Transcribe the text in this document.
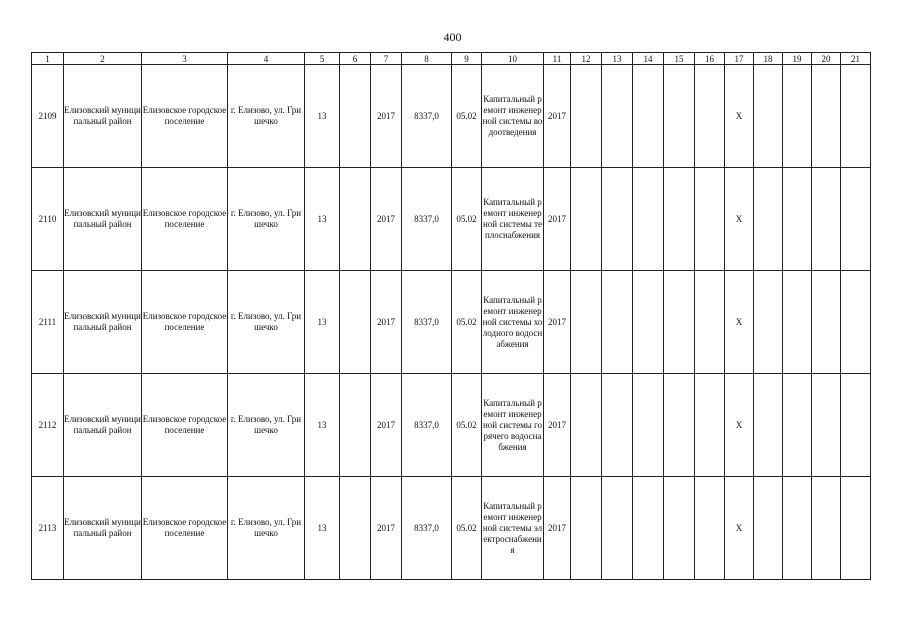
400
1	2	3	4	5	6	7	8	9	10	11	12	13	14	15	16	17	18	19	20	21
2109	Елизовский муниципальный район	Елизовское городское поселение	г. Елизово, ул. Гришечко	13		2017	8337,0	05.02	Капитальный ремонт инженерной системы водоотведения	2017						X				
2110	Елизовский муниципальный район	Елизовское городское поселение	г. Елизово, ул. Гришечко	13		2017	8337,0	05.02	Капитальный ремонт инженерной системы теплоснабжения	2017						X				
2111	Елизовский муниципальный район	Елизовское городское поселение	г. Елизово, ул. Гришечко	13		2017	8337,0	05.02	Капитальный ремонт инженерной системы холодного водоснабжения	2017						X				
2112	Елизовский муниципальный район	Елизовское городское поселение	г. Елизово, ул. Гришечко	13		2017	8337,0	05.02	Капитальный ремонт инженерной системы горячего водоснабжения	2017						X				
2113	Елизовский муниципальный район	Елизовское городское поселение	г. Елизово, ул. Гришечко	13		2017	8337,0	05.02	Капитальный ремонт инженерной системы электроснабжения	2017						X				
